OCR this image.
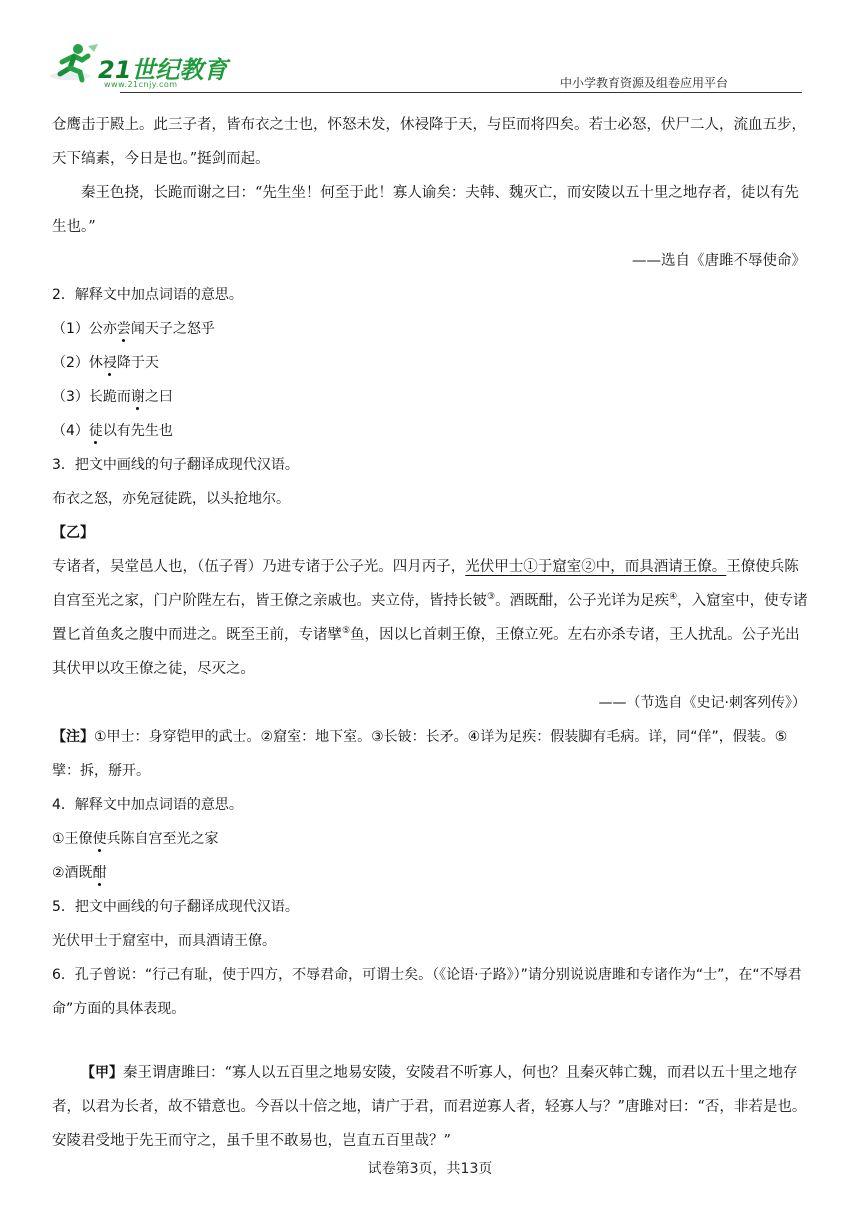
21世纪教育
www.21cnjy.com	中小学教育资源及组卷应用平台

仓鹰击于殿上。此三子者，皆布衣之士也，怀怒未发，休祲降于天，与臣而将四矣。若士必怒，伏尸二人，流血五步，天下缟素，今日是也。”挺剑而起。

秦王色挠，长跪而谢之曰：“先生坐！何至于此！寡人谕矣：夫韩、魏灭亡，而安陵以五十里之地存者，徒以有先生也。”

——选自《唐雎不辱使命》

2．解释文中加点词语的意思。

（1）公亦尝闻天子之怒乎

（2）休祲降于天

（3）长跪而谢之曰

（4）徒以有先生也

3．把文中画线的句子翻译成现代汉语。

布衣之怒，亦免冠徒跣，以头抢地尔。

【乙】

专诸者，吴堂邑人也，（伍子胥）乃进专诸于公子光。四月丙子，光伏甲士①于窟室②中，而具酒请王僚。王僚使兵陈自宫至光之家，门户阶陛左右，皆王僚之亲戚也。夹立侍，皆持长铍③。酒既酣，公子光详为足疾④，入窟室中，使专诸置匕首鱼炙之腹中而进之。既至王前，专诸擘⑤鱼，因以匕首刺王僚，王僚立死。左右亦杀专诸，王人扰乱。公子光出其伏甲以攻王僚之徒，尽灭之。

——（节选自《史记·刺客列传》）

【注】①甲士：身穿铠甲的武士。②窟室：地下室。③长铍：长矛。④详为足疾：假装脚有毛病。详，同“佯”，假装。⑤擘：拆，掰开。

4．解释文中加点词语的意思。

①王僚使兵陈自宫至光之家

②酒既酣

5．把文中画线的句子翻译成现代汉语。

光伏甲士于窟室中，而具酒请王僚。

6．孔子曾说：“行己有耻，使于四方，不辱君命，可谓士矣。（《论语·子路》）”请分别说说唐雎和专诸作为“士”，在“不辱君命”方面的具体表现。

【甲】秦王谓唐雎曰：“寡人以五百里之地易安陵，安陵君不听寡人，何也？且秦灭韩亡魏，而君以五十里之地存者，以君为长者，故不错意也。今吾以十倍之地，请广于君，而君逆寡人者，轻寡人与？”唐雎对曰：“否，非若是也。安陵君受地于先王而守之，虽千里不敢易也，岂直五百里哉？”

试卷第3页，共13页
